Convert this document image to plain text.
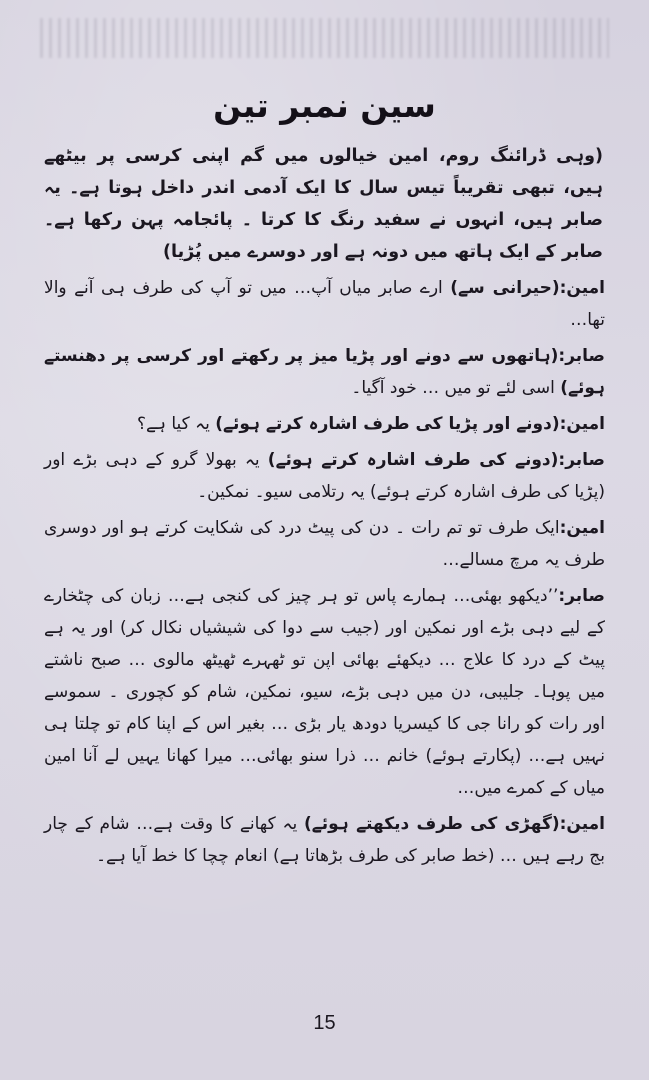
سین نمبر تین

(وہی ڈرائنگ روم، امین خیالوں میں گم اپنی کرسی پر بیٹھے ہیں، تبھی تقریباً تیس سال کا ایک آدمی اندر داخل ہوتا ہے۔ یہ صابر ہیں، انہوں نے سفید رنگ کا کرتا ۔ پائجامہ پہن رکھا ہے۔ صابر کے ایک ہاتھ میں دونہ ہے اور دوسرے میں پُڑیا)

امین:(حیرانی سے) ارے صابر میاں آپ… میں تو آپ کی طرف ہی آنے والا تھا…

صابر:(ہاتھوں سے دونے اور پڑیا میز پر رکھتے اور کرسی پر دھنستے ہوئے) اسی لئے تو میں … خود آگیا۔

امین:(دونے اور پڑیا کی طرف اشارہ کرتے ہوئے) یہ کیا ہے؟

صابر:(دونے کی طرف اشارہ کرتے ہوئے) یہ بھولا گرو کے دہی بڑے اور (پڑیا کی طرف اشارہ کرتے ہوئے) یہ رتلامی سیو۔ نمکین۔

امین:ایک طرف تو تم رات ۔ دن کی پیٹ درد کی شکایت کرتے ہو اور دوسری طرف یہ مرچ مسالے…

صابر:’’دیکھو بھئی… ہمارے پاس تو ہر چیز کی کنجی ہے… زبان کی چٹخارے کے لیے دہی بڑے اور نمکین اور (جیب سے دوا کی شیشیاں نکال کر) اور یہ ہے پیٹ کے درد کا علاج … دیکھئے بھائی اپن تو ٹھہرے ٹھیٹھ مالوی … صبح ناشتے میں پوہا۔ جلیبی، دن میں دہی بڑے، سیو، نمکین، شام کو کچوری ۔ سموسے اور رات کو رانا جی کا کیسریا دودھ یار بڑی … بغیر اس کے اپنا کام تو چلتا ہی نہیں ہے… (پکارتے ہوئے) خانم … ذرا سنو بھائی… میرا کھانا یہیں لے آنا امین میاں کے کمرے میں…

امین:(گھڑی کی طرف دیکھتے ہوئے) یہ کھانے کا وقت ہے… شام کے چار بج رہے ہیں … (خط صابر کی طرف بڑھاتا ہے) انعام چچا کا خط آیا ہے۔

15
